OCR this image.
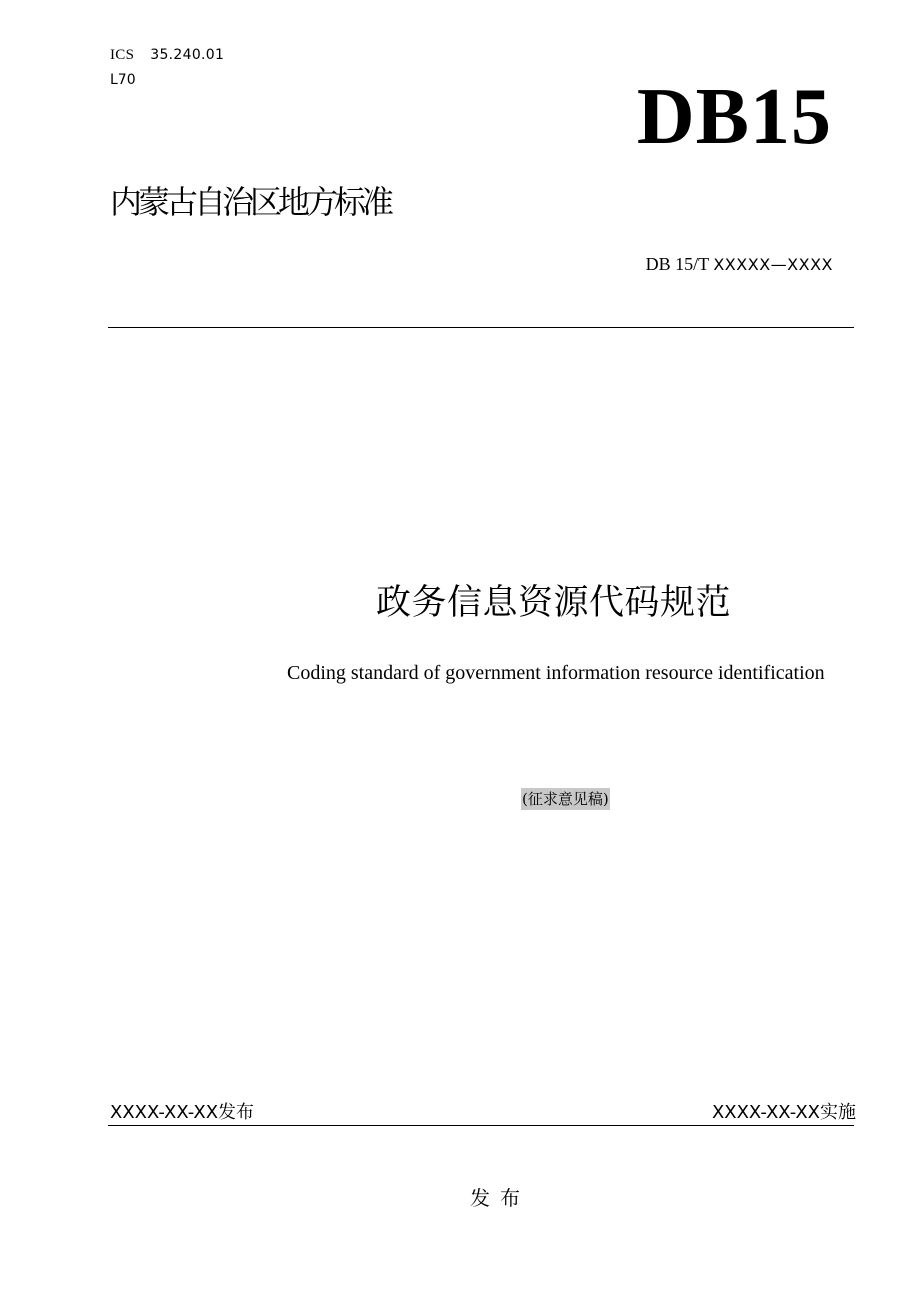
ICS 35.240.01
L70	DB15
内蒙古自治区地方标准
DB 15/T XXXXX—XXXX
政务信息资源代码规范
Coding standard of government information resource identification
(征求意见稿)
XXXX-XX-XX发布	XXXX-XX-XX实施
发布
